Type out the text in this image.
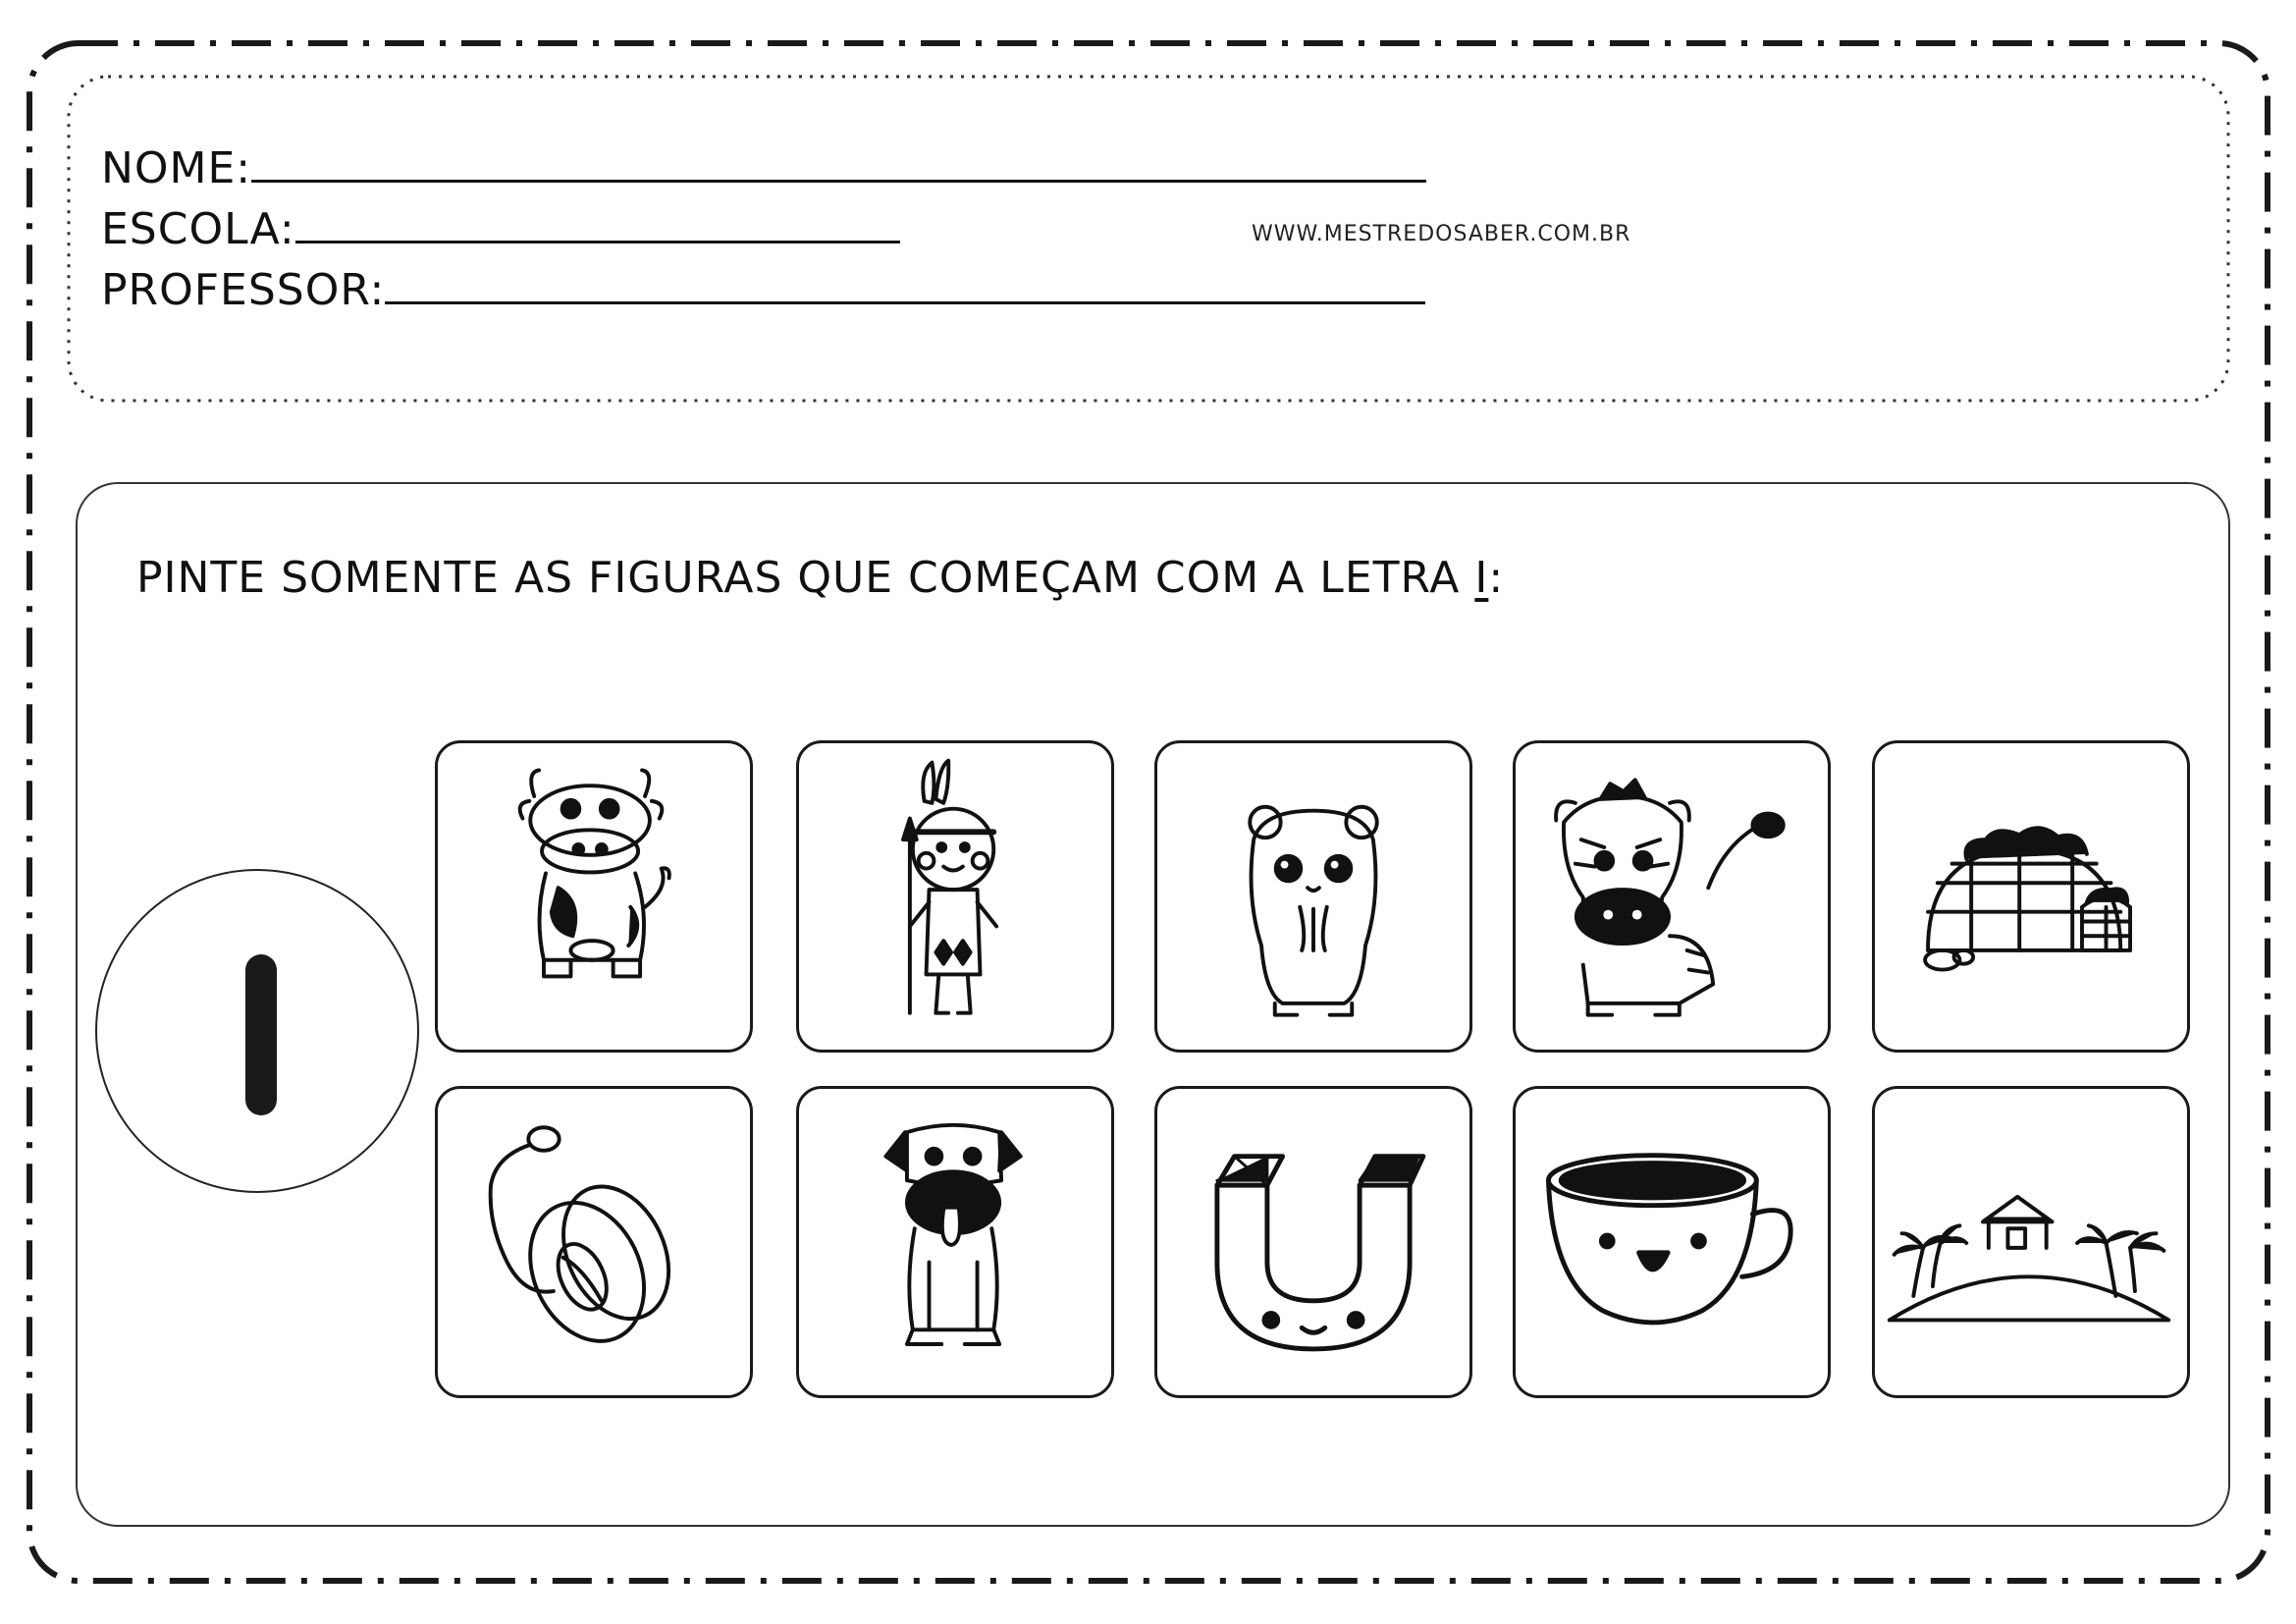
NOME:
ESCOLA:
PROFESSOR:
WWW.MESTREDOSABER.COM.BR
PINTE SOMENTE AS FIGURAS QUE COMEÇAM COM A LETRA I:
